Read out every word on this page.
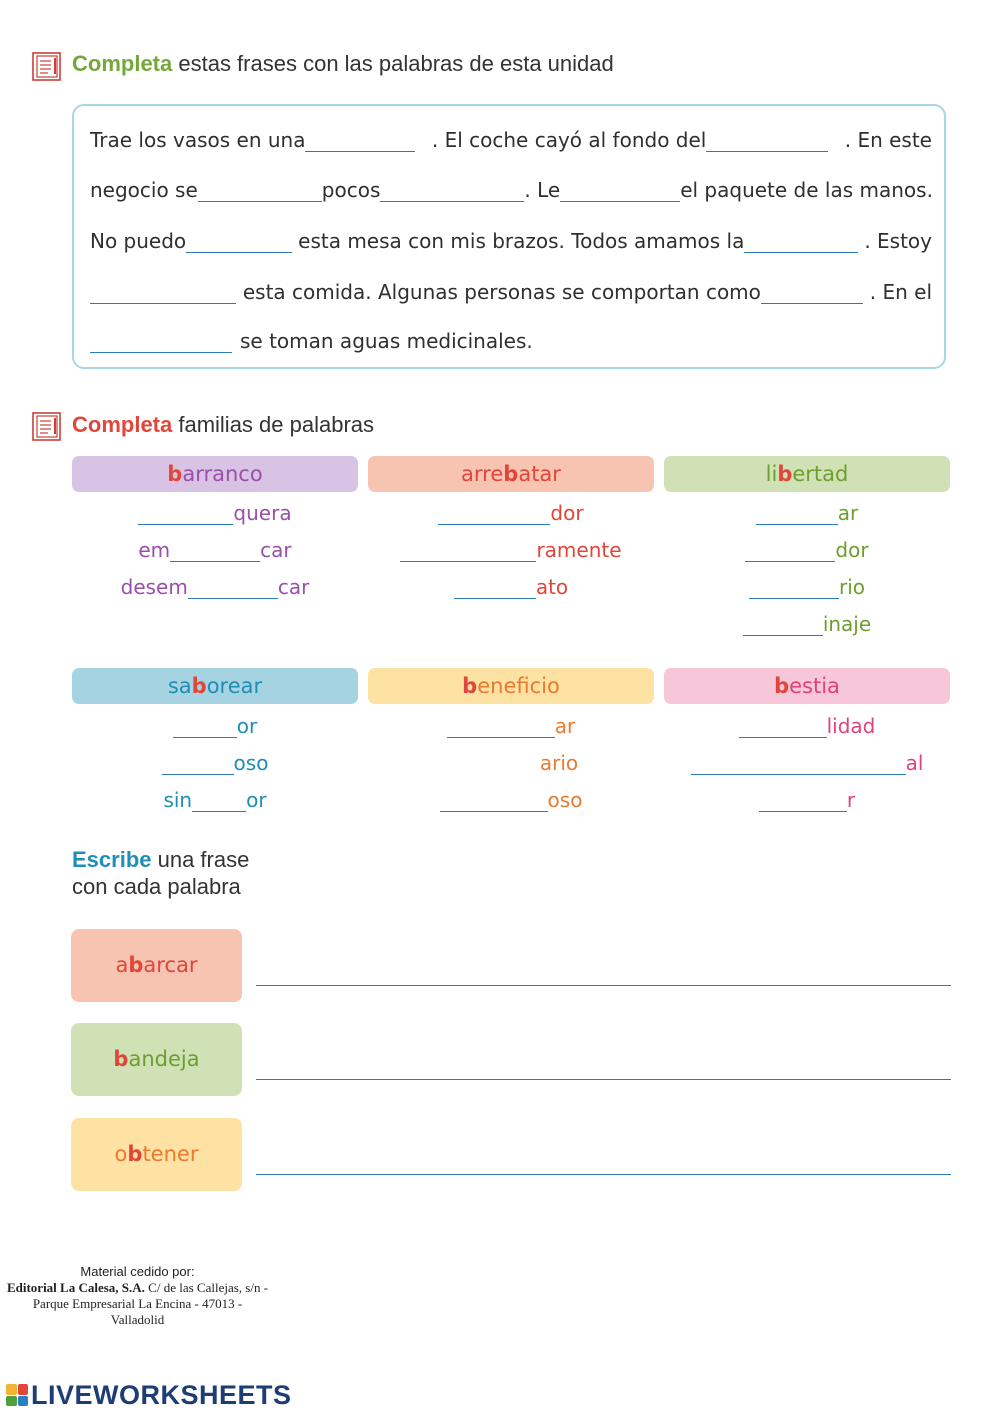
Completa estas frases con las palabras de esta unidad
Trae los vasos en una	. El coche cayó al fondo del	. En este
negocio se	pocos	. Le	el paquete de las manos.
No puedo	esta mesa con mis brazos. Todos amamos la	. Estoy
esta comida. Algunas personas se comportan como	. En el
se toman aguas medicinales.
Completa familias de palabras
barranco
quera
em	car
desem	car
arrebatar
dor
ramente
ato
libertad
ar
dor
rio
inaje
saborear
or
oso
sin	or
beneficio
ar
ario
oso
bestia
lidad
al
r
Escribe una frase
con cada palabra
abarcar
bandeja
obtener
Material cedido por:
Editorial La Calesa, S.A. C/ de las Callejas, s/n -
Parque Empresarial La Encina - 47013 -
Valladolid
LIVEWORKSHEETS
